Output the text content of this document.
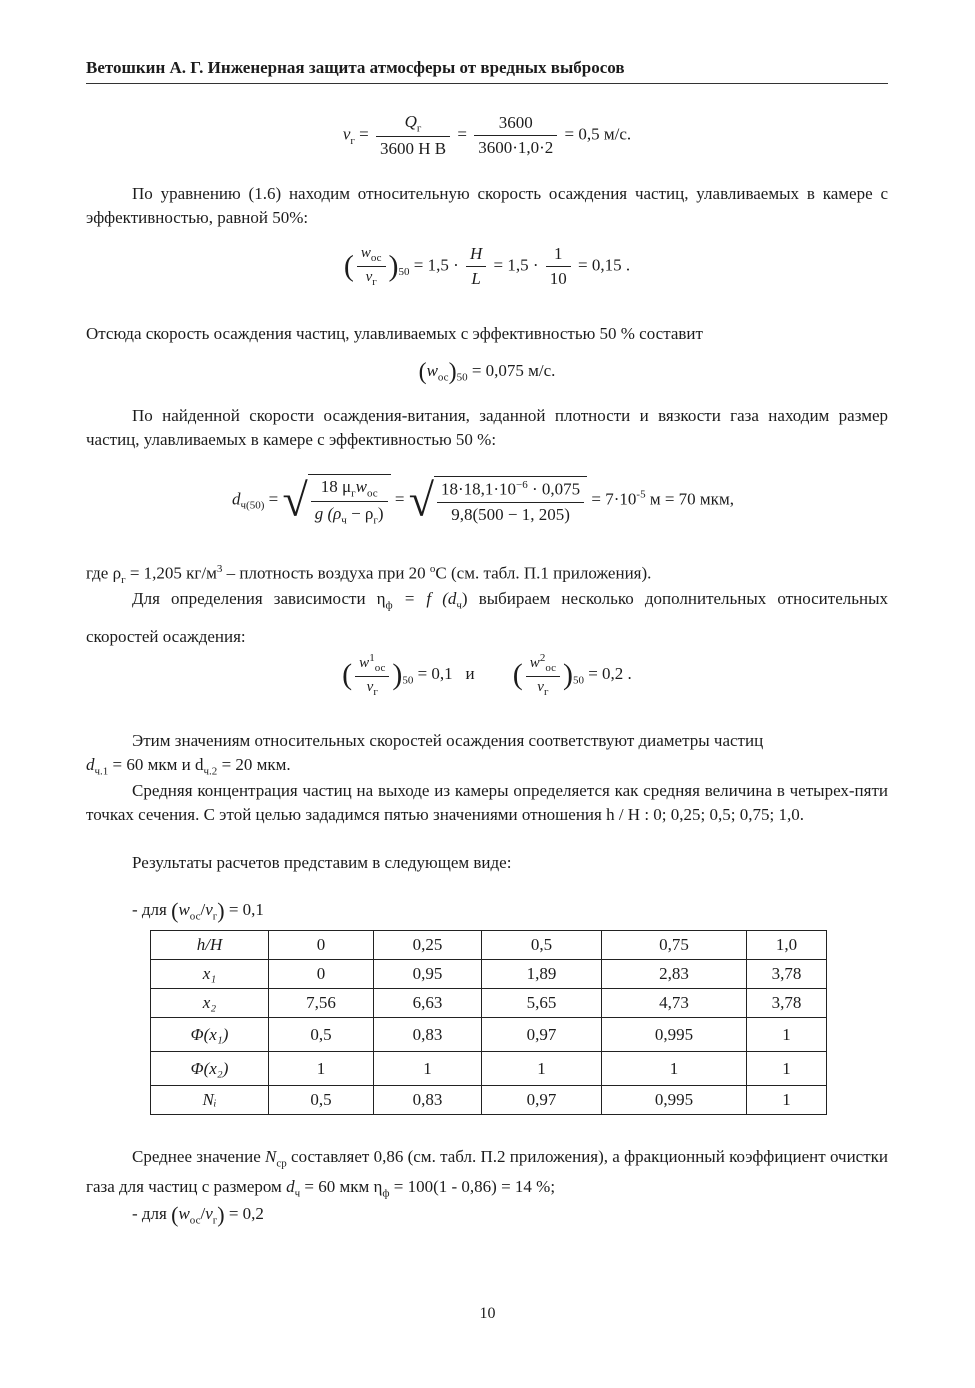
Ветошкин А. Г. Инженерная защита атмосферы от вредных выбросов
$v_г = \frac{Q_г}{\text{3600 H B}} = \frac{3600}{3600\cdot 1,0\cdot 2} = 0,5$ м/с.
По уравнению (1.6) находим относительную скорость осаждения частиц, улавливаемых в камере с эффективностью, равной 50%:
( $\frac{w_{ос}}{v_г} )_{50} = 1,5 \cdot \frac{H}{L} = 1,5 \cdot \frac{1}{10} = 0,15$ .
Отсюда скорость осаждения частиц, улавливаемых с эффективностью 50 % составит
$(w_{ос})_{50} = 0,075$ м/с.
По найденной скорости осаждения-витания, заданной плотности и вязкости газа находим размер частиц, улавливаемых в камере с эффективностью 50 %:
$d_{ч(50)}$ = √ $\frac{18 \mu_гw_{ос}}{g (\rho_ч - \rho_г)}$ = √ $\frac{18\cdot 18,1\cdot 10^{-6} \cdot 0,075}{9,8(500 - 1, 205)} = 7\cdot 10^{-5}$ м = 70 мкм,
где $\rho_г = 1,205$ $кг/м^3$ – плотность воздуха при 20 $^o$С (см. табл. П.1 приложения).
Для определения зависимости $\eta_ф = f$ $(d_ч)$ выбираем несколько дополнительных относительных скоростей осаждения:
( $\frac{w^1_{ос}}{v_г} )_{50} = 0,1$ и ( $\frac{w^2_{ос}}{v_г} )_{50} = 0,2$ .
Этим значениям относительных скоростей осаждения соответствуют диаметры частиц
$d_{ч.1} = 60$ мкм и $d_{ч.2} = 20$ мкм.
Средняя концентрация частиц на выходе из камеры определяется как средняя величина в четырех-пяти точках сечения. С этой целью зададимся пятью значениями отношения h / H : 0; 0,25; 0,5; 0,75; 1,0.
Результаты расчетов представим в следующем виде:
- для $(w_{ос}/v_г) = 0,1$
h/H	0	0,25	0,5	0,75	1,0
x₁	0	0,95	1,89	2,83	3,78
x₂	7,56	6,63	5,65	4,73	3,78
Φ(x₁)	0,5	0,83	0,97	0,995	1
Φ(x₂)	1	1	1	1	1
Nᵢ	0,5	0,83	0,97	0,995	1
Среднее значение $N_{ср}$ составляет 0,86 (см. табл. П.2 приложения), а фракционный коэффициент очистки газа для частиц с размером $d_ч = 60$ мкм $\eta_ф = 100(1 - 0,86) = 14$ %;
- для $(w_{ос}/v_г) = 0,2$
10
